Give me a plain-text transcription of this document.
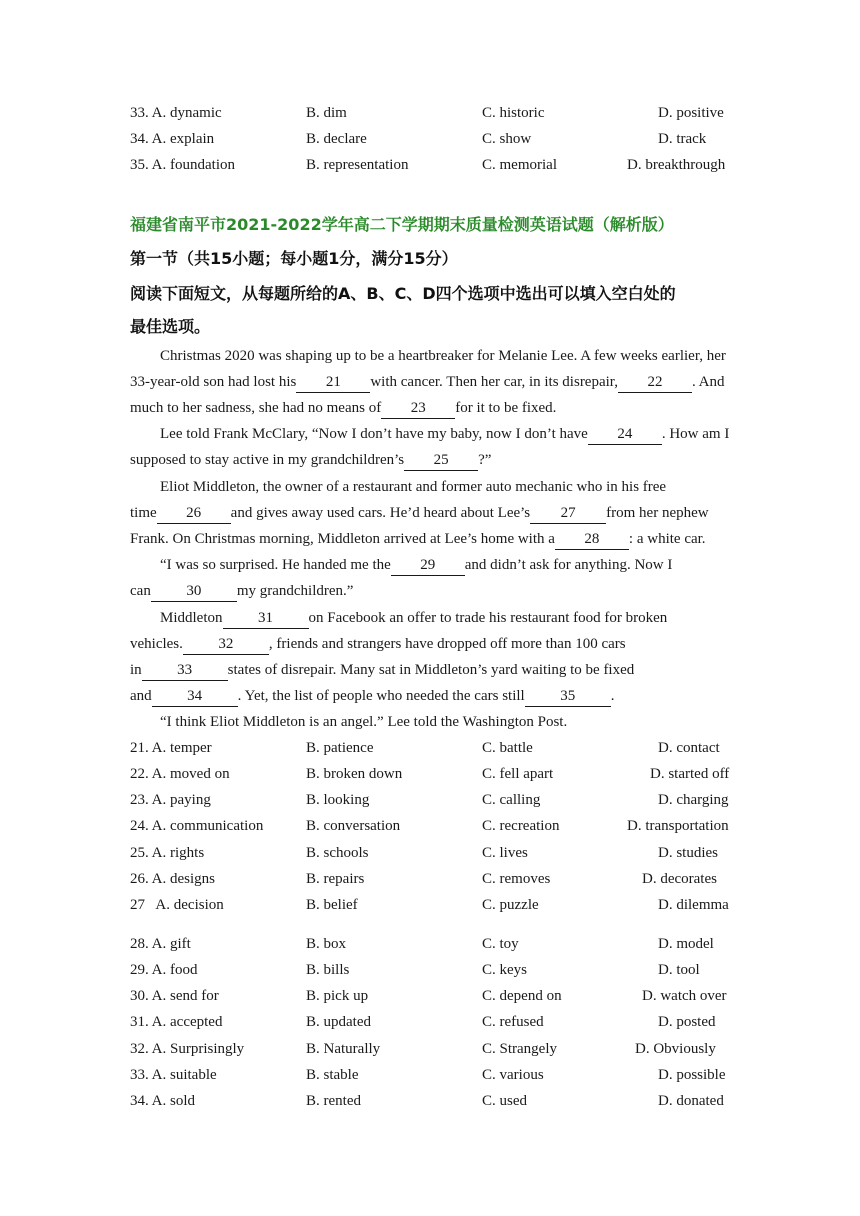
33. A. dynamic	B. dim	C. historic	D. positive
34. A. explain	B. declare	C. show	D. track
35. A. foundation	B. representation	C. memorial	D. breakthrough
福建省南平市2021-2022学年高二下学期期末质量检测英语试题（解析版）
第一节（共15小题；每小题1分，满分15分）
阅读下面短文，从每题所给的A、B、C、D四个选项中选出可以填入空白处的
最佳选项。
Christmas 2020 was shaping up to be a heartbreaker for Melanie Lee. A few weeks earlier, her
33-year-old son had lost his 21 with cancer. Then her car, in its disrepair, 22 . And
much to her sadness, she had no means of 23 for it to be fixed.
Lee told Frank McClary, “Now I don’t have my baby, now I don’t have 24 . How am I
supposed to stay active in my grandchildren’s 25 ?”
Eliot Middleton, the owner of a restaurant and former auto mechanic who in his free
time 26 and gives away used cars. He’d heard about Lee’s 27 from her nephew
Frank. On Christmas morning, Middleton arrived at Lee’s home with a 28 : a white car.
“I was so surprised. He handed me the 29 and didn’t ask for anything. Now I
can 30 my grandchildren.”
Middleton 31 on Facebook an offer to trade his restaurant food for broken
vehicles. 32 , friends and strangers have dropped off more than 100 cars
in 33 states of disrepair. Many sat in Middleton’s yard waiting to be fixed
and 34 . Yet, the list of people who needed the cars still 35 .
“I think Eliot Middleton is an angel.” Lee told the Washington Post.
21. A. temper	B. patience	C. battle	D. contact
22. A. moved on	B. broken down	C. fell apart	D. started off
23. A. paying	B. looking	C. calling	D. charging
24. A. communication	B. conversation	C. recreation	D. transportation
25. A. rights	B. schools	C. lives	D. studies
26. A. designs	B. repairs	C. removes	D. decorates
27   A. decision	B. belief	C. puzzle	D. dilemma
28. A. gift	B. box	C. toy	D. model
29. A. food	B. bills	C. keys	D. tool
30. A. send for	B. pick up	C. depend on	D. watch over
31. A. accepted	B. updated	C. refused	D. posted
32. A. Surprisingly	B. Naturally	C. Strangely	D. Obviously
33. A. suitable	B. stable	C. various	D. possible
34. A. sold	B. rented	C. used	D. donated
